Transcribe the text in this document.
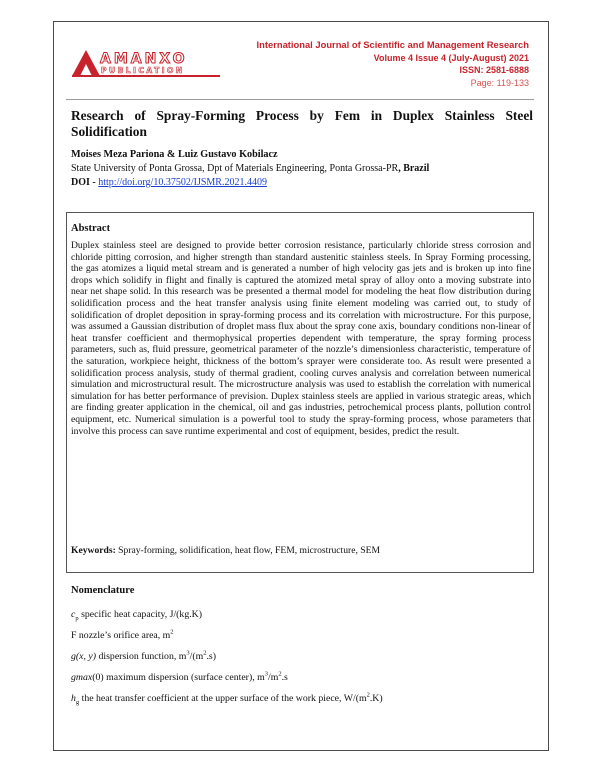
AMANXO
PUBLICATION
International Journal of Scientific and Management Research
Volume 4 Issue 4 (July-August) 2021
ISSN: 2581-6888
Page: 119-133
Research of Spray-Forming Process by Fem in Duplex Stainless Steel Solidification
Moises Meza Pariona & Luiz Gustavo Kobilacz
State University of Ponta Grossa, Dpt of Materials Engineering, Ponta Grossa-PR, Brazil
DOI - http://doi.org/10.37502/IJSMR.2021.4409
Abstract

Duplex stainless steel are designed to provide better corrosion resistance, particularly chloride stress corrosion and chloride pitting corrosion, and higher strength than standard austenitic stainless steels. In Spray Forming processing, the gas atomizes a liquid metal stream and is generated a number of high velocity gas jets and is broken up into fine drops which solidify in flight and finally is captured the atomized metal spray of alloy onto a moving substrate into near net shape solid. In this research was be presented a thermal model for modeling the heat flow distribution during solidification process and the heat transfer analysis using finite element modeling was carried out, to study of solidification of droplet deposition in spray-forming process and its correlation with microstructure. For this purpose, was assumed a Gaussian distribution of droplet mass flux about the spray cone axis, boundary conditions non-linear of heat transfer coefficient and thermophysical properties dependent with temperature, the spray forming process parameters, such as, fluid pressure, geometrical parameter of the nozzle’s dimensionless characteristic, temperature of the saturation, workpiece height, thickness of the bottom’s sprayer were considerate too. As result were presented a solidification process analysis, study of thermal gradient, cooling curves analysis and correlation between numerical simulation and microstructural result. The microstructure analysis was used to establish the correlation with numerical simulation for has better performance of prevision. Duplex stainless steels are applied in various strategic areas, which are finding greater application in the chemical, oil and gas industries, petrochemical process plants, pollution control equipment, etc. Numerical simulation is a powerful tool to study the spray-forming process, whose parameters that involve this process can save runtime experimental and cost of equipment, besides, predict the result.

Keywords: Spray-forming, solidification, heat flow, FEM, microstructure, SEM
Nomenclature
$c_p$ specific heat capacity, J/(kg.K)
F nozzle’s orifice area, $m^2$
g(x, y) dispersion function, $m^3/(m^2.s)$
gmax(0) maximum dispersion (surface center), $m^3/m^2.s$
$h_g$ the heat transfer coefficient at the upper surface of the work piece, $W/(m^2.K)$
